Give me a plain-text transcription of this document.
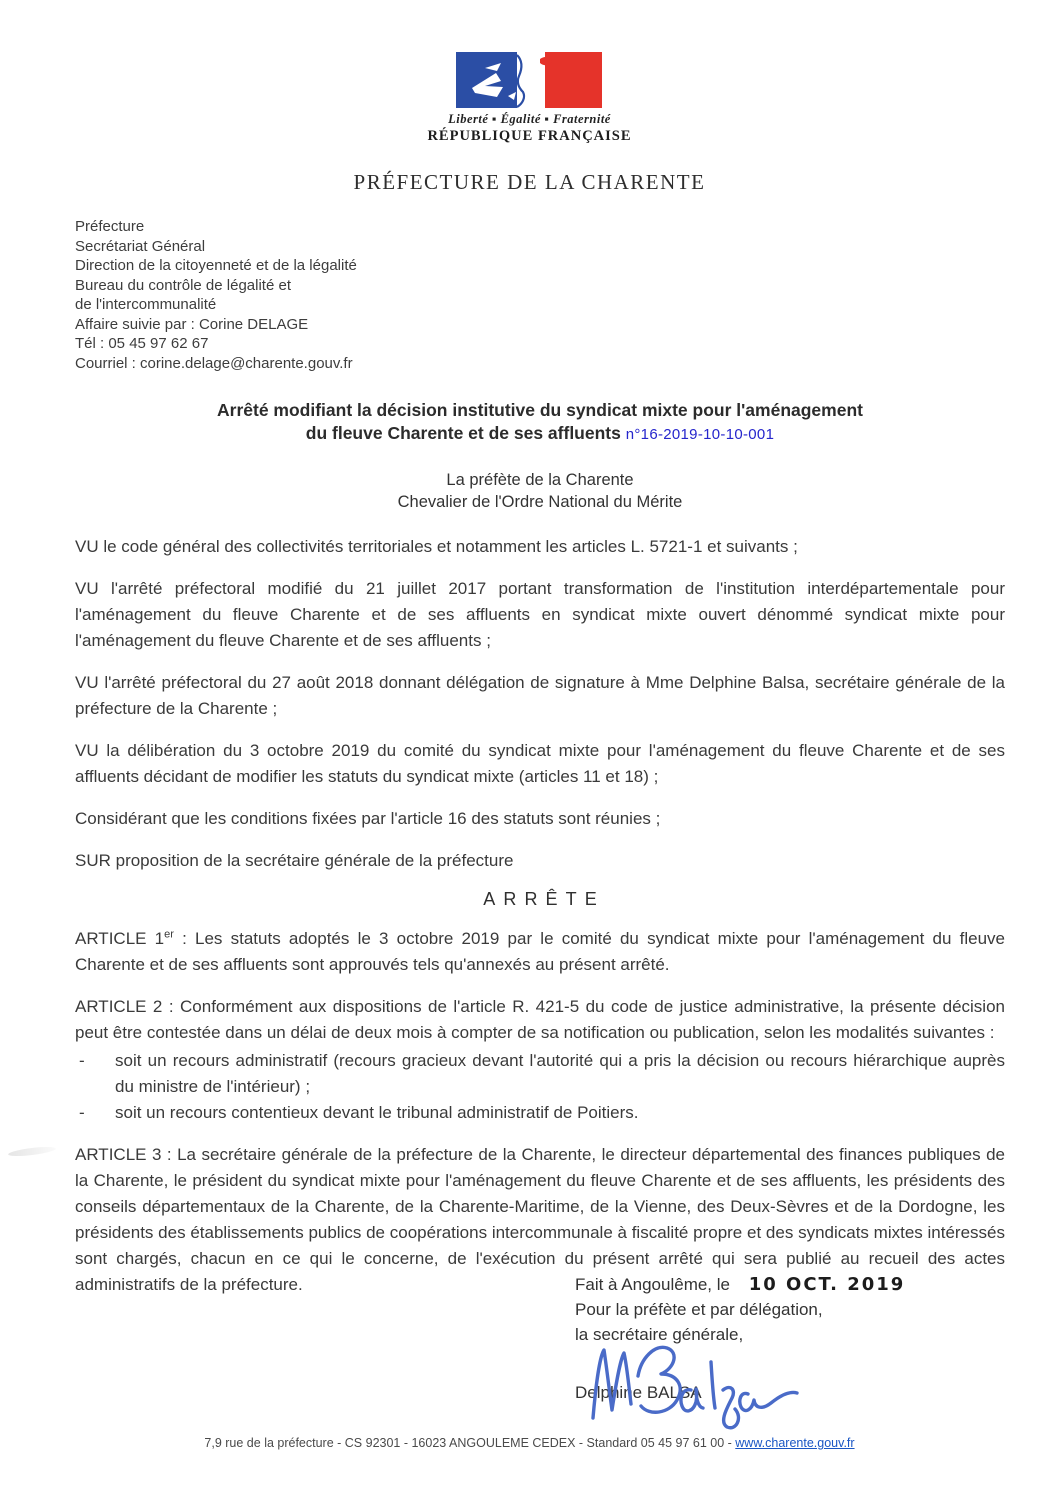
Liberté ▪ Égalité ▪ Fraternité
RÉPUBLIQUE FRANÇAISE
PRÉFECTURE DE LA CHARENTE
Préfecture
Secrétariat Général
Direction de la citoyenneté et de la légalité
Bureau du contrôle de légalité et
de l'intercommunalité
Affaire suivie par : Corine DELAGE
Tél : 05 45 97 62 67
Courriel : corine.delage@charente.gouv.fr
Arrêté modifiant la décision institutive du syndicat mixte pour l'aménagement
du fleuve Charente et de ses affluents n°16-2019-10-10-001
La préfète de la Charente
Chevalier de l'Ordre National du Mérite

VU le code général des collectivités territoriales et notamment les articles L. 5721-1 et suivants ;

VU l'arrêté préfectoral modifié du 21 juillet 2017 portant transformation de l'institution interdépartementale pour l'aménagement du fleuve Charente et de ses affluents en syndicat mixte ouvert dénommé syndicat mixte pour l'aménagement du fleuve Charente et de ses affluents ;

VU l'arrêté préfectoral du 27 août 2018 donnant délégation de signature à Mme Delphine Balsa, secrétaire générale de la préfecture de la Charente ;

VU la délibération du 3 octobre 2019 du comité du syndicat mixte pour l'aménagement du fleuve Charente et de ses affluents décidant de modifier les statuts du syndicat mixte (articles 11 et 18) ;

Considérant que les conditions fixées par l'article 16 des statuts sont réunies ;

SUR proposition de la secrétaire générale de la préfecture

ARRÊTE

ARTICLE 1er : Les statuts adoptés le 3 octobre 2019 par le comité du syndicat mixte pour l'aménagement du fleuve Charente et de ses affluents sont approuvés tels qu'annexés au présent arrêté.

ARTICLE 2 : Conformément aux dispositions de l'article R. 421-5 du code de justice administrative, la présente décision peut être contestée dans un délai de deux mois à compter de sa notification ou publication, selon les modalités suivantes :

-	soit un recours administratif (recours gracieux devant l'autorité qui a pris la décision ou recours hiérarchique auprès du ministre de l'intérieur) ;
-	soit un recours contentieux devant le tribunal administratif de Poitiers.

ARTICLE 3 : La secrétaire générale de la préfecture de la Charente, le directeur départemental des finances publiques de la Charente, le président du syndicat mixte pour l'aménagement du fleuve Charente et de ses affluents, les présidents des conseils départementaux de la Charente, de la Charente-Maritime, de la Vienne, des Deux-Sèvres et de la Dordogne, les présidents des établissements publics de coopérations intercommunale à fiscalité propre et des syndicats mixtes intéressés sont chargés, chacun en ce qui le concerne, de l'exécution du présent arrêté qui sera publié au recueil des actes administratifs de la préfecture.	Fait à Angoulême, le 10 OCT. 2019
Pour la préfète et par délégation,
la secrétaire générale,
Delphine BALSA
7,9 rue de la préfecture - CS 92301 - 16023 ANGOULEME CEDEX - Standard 05 45 97 61 00 - www.charente.gouv.fr
